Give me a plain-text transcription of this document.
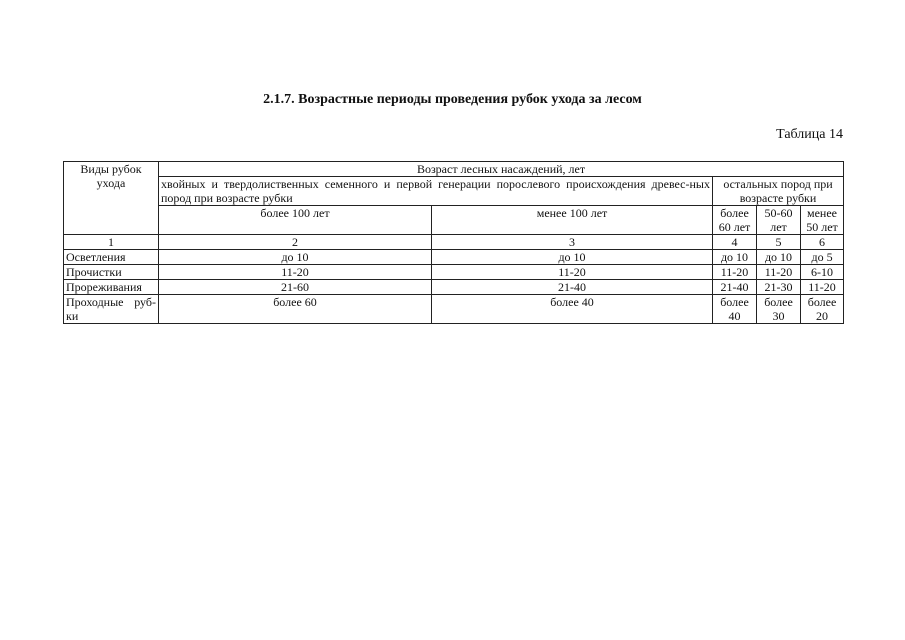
2.1.7. Возрастные периоды проведения рубок ухода за лесом
Таблица 14
Виды рубок ухода	Возраст лесных насаждений, лет				
	хвойных и твердолиственных семенного и первой генерации порослевого происхождения древес-ных пород при возрасте рубки		остальных пород при возрасте рубки		
	более 100 лет	менее 100 лет	более 60 лет	50-60 лет	менее 50 лет
1	2	3	4	5	6
Осветления	до 10	до 10	до 10	до 10	до 5
Прочистки	11-20	11-20	11-20	11-20	6-10
Прореживания	21-60	21-40	21-40	21-30	11-20
Проходные руб-ки	более 60	более 40	более 40	более 30	более 20
